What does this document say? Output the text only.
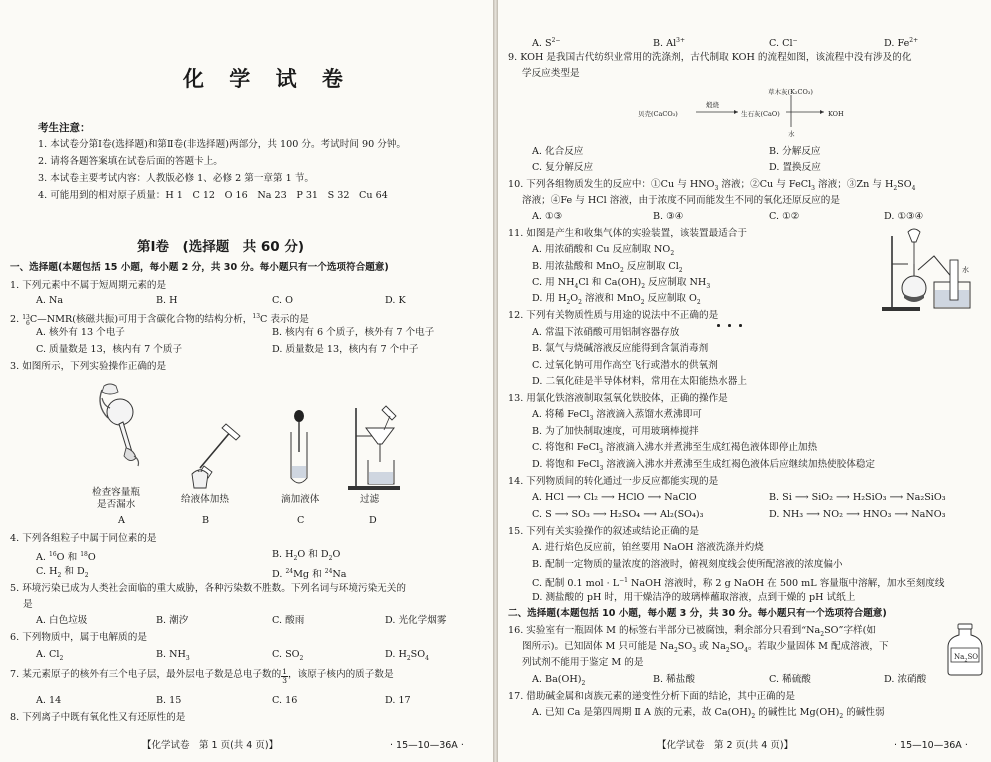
化 学 试 卷
考生注意：
1. 本试卷分第Ⅰ卷(选择题)和第Ⅱ卷(非选择题)两部分，共 100 分。考试时间 90 分钟。
2. 请将各题答案填在试卷后面的答题卡上。
3. 本试卷主要考试内容：人教版必修 1、必修 2 第一章第 1 节。
4. 可能用到的相对原子质量：H 1　C 12　O 16　Na 23　P 31　S 32　Cu 64
第Ⅰ卷　(选择题　共 60 分)
一、选择题(本题包括 15 小题，每小题 2 分，共 30 分。每小题只有一个选项符合题意)
1. 下列元素中不属于短周期元素的是
A. Na	B. H	C. O	D. K
2. 13
6 C—NMR(核磁共振)可用于含碳化合物的结构分析，$^{13}$C 表示的是
A. 核外有 13 个电子	B. 核内有 6 个质子，核外有 7 个电子
C. 质量数是 13，核内有 7 个质子	D. 质量数是 13，核内有 7 个中子
3. 如图所示，下列实验操作正确的是
检查容量瓶
是否漏水
A
给液体加热
B
滴加液体
C
过滤
D
4. 下列各组粒子中属于同位素的是
A. $^{16}$O 和 $^{18}$O	B. $H_2O$ 和 $D_2O$
C. $H_2$ 和 $D_2$	D. $^{24}$Mg 和 $^{24}$Na
5. 环境污染已成为人类社会面临的重大威胁，各种污染数不胜数。下列名词与环境污染无关的
是
A. 白色垃圾	B. 潮汐	C. 酸雨	D. 光化学烟雾
6. 下列物质中，属于电解质的是
A. $Cl_2$	B. $NH_3$	C. $SO_2$	D. $H_2SO_4$
7. 某元素原子的核外有三个电子层，最外层电子数是总电子数的 $\frac{1}{3}$ ，该原子核内的质子数是
A. 14	B. 15	C. 16	D. 17
8. 下列离子中既有氧化性又有还原性的是
【化学试卷　第 1 页(共 4 页)】	· 15—10—36A ·
A. $S^{2-}$	B. $Al^{3+}$	C. Cl−	D. $Fe^{2+}$
9. KOH 是我国古代纺织业常用的洗涤剂，古代制取 KOH 的流程如图，该流程中没有涉及的化
学反应类型是
贝壳(CaCO₃)
煅烧
生石灰(CaO)
草木灰(K₂CO₃)
水
KOH
A. 化合反应	B. 分解反应
C. 复分解反应	D. 置换反应
10. 下列各组物质发生的反应中：①Cu 与 $HNO_3$ 溶液；②Cu 与 FeCl$_3$ 溶液；③Zn 与 $H_2SO_4$
溶液；④Fe 与 HCl 溶液，由于浓度不同而能发生不同的氧化还原反应的是
A. ①③	B. ③④	C. ①②	D. ①③④
11. 如图是产生和收集气体的实验装置，该装置最适合于
A. 用浓硝酸和 Cu 反应制取 $NO_2$
B. 用浓盐酸和 MnO$_2$ 反应制取 $Cl_2$
C. 用 $NH_4Cl$ 和 $Ca(OH)_2$ 反应制取 $NH_3$
D. 用 $H_2O_2$ 溶液和 MnO$_2$ 反应制取 $O_2$
水
12. 下列有关物质性质与用途的说法中不正确的是
A. 常温下浓硝酸可用铝制容器存放
B. 氯气与烧碱溶液反应能得到含氯消毒剂
C. 过氧化钠可用作高空飞行或潜水的供氧剂
D. 二氧化硅是半导体材料，常用在太阳能热水器上
13. 用氯化铁溶液制取氢氧化铁胶体，正确的操作是
A. 将稀 FeCl$_3$ 溶液滴入蒸馏水煮沸即可
B. 为了加快制取速度，可用玻璃棒搅拌
C. 将饱和 FeCl$_3$ 溶液滴入沸水并煮沸至生成红褐色液体即停止加热
D. 将饱和 FeCl$_3$ 溶液滴入沸水并煮沸至生成红褐色液体后应继续加热使胶体稳定
14. 下列物质间的转化通过一步反应都能实现的是
A. HCl ⟶ Cl₂ ⟶ HClO ⟶ NaClO	B. Si ⟶ SiO₂ ⟶ H₂SiO₃ ⟶ Na₂SiO₃
C. S ⟶ SO₃ ⟶ H₂SO₄ ⟶ Al₂(SO₄)₃	D. NH₃ ⟶ NO₂ ⟶ HNO₃ ⟶ NaNO₃
15. 下列有关实验操作的叙述或结论正确的是
A. 进行焰色反应前，铂丝要用 NaOH 溶液洗涤并灼烧
B. 配制一定物质的量浓度的溶液时，俯视刻度线会使所配溶液的浓度偏小
C. 配制 0.1 mol · $L^{-1}$ NaOH 溶液时，称 2 g NaOH 在 500 mL 容量瓶中溶解，加水至刻度线
D. 测盐酸的 pH 时，用干燥洁净的玻璃棒蘸取溶液，点到干燥的 pH 试纸上
二、选择题(本题包括 10 小题，每小题 3 分，共 30 分。每小题只有一个选项符合题意)
16. 实验室有一瓶固体 M 的标签右半部分已被腐蚀，剩余部分只看到“$Na_2SO$”字样(如
图所示)。已知固体 M 只可能是 $Na_2SO_3$ 或 $Na_2SO_4$。若取少量固体 M 配成溶液，下
列试剂不能用于鉴定 M 的是
A. $Ba(OH)_2$	B. 稀盐酸	C. 稀硫酸	D. 浓硝酸
$Na_2SO$
17. 借助碱金属和卤族元素的递变性分析下面的结论，其中正确的是
A. 已知 Ca 是第四周期 Ⅱ A 族的元素，故 $Ca(OH)_2$ 的碱性比 $Mg(OH)_2$ 的碱性弱
【化学试卷　第 2 页(共 4 页)】	· 15—10—36A ·
